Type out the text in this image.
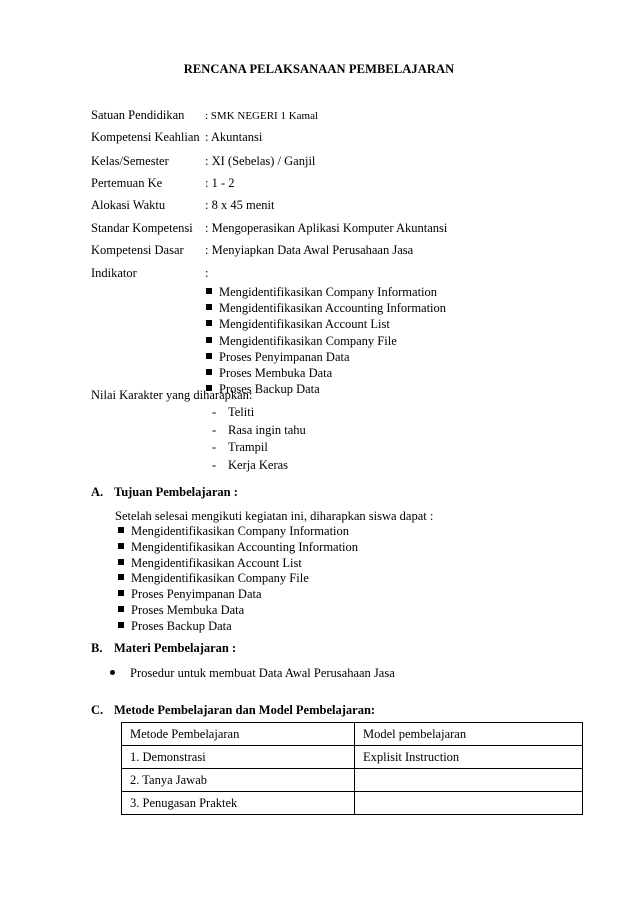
RENCANA PELAKSANAAN PEMBELAJARAN
Satuan Pendidikan : SMK NEGERI 1 Kamal
Kompetensi Keahlian : Akuntansi
Kelas/Semester	: XI (Sebelas) / Ganjil
Pertemuan Ke	: 1 - 2
Alokasi Waktu	: 8 x 45 menit
Standar Kompetensi : Mengoperasikan Aplikasi Komputer Akuntansi
Kompetensi Dasar : Menyiapkan Data Awal Perusahaan Jasa
Indikator	:
Mengidentifikasikan Company Information
Mengidentifikasikan Accounting Information
Mengidentifikasikan Account List
Mengidentifikasikan Company File
Proses Penyimpanan Data
Proses Membuka Data
Proses Backup Data
Nilai Karakter yang diharapkan:
- Teliti
- Rasa ingin tahu
- Trampil
- Kerja Keras
A. Tujuan Pembelajaran :
Setelah selesai mengikuti kegiatan ini, diharapkan siswa dapat :
Mengidentifikasikan Company Information
Mengidentifikasikan Accounting Information
Mengidentifikasikan Account List
Mengidentifikasikan Company File
Proses Penyimpanan Data
Proses Membuka Data
Proses Backup Data
B. Materi Pembelajaran :
Prosedur untuk membuat Data Awal Perusahaan Jasa
C. Metode Pembelajaran dan Model Pembelajaran:
Metode Pembelajaran	Model pembelajaran
1. Demonstrasi	Explisit Instruction
2. Tanya Jawab	
3. Penugasan Praktek	
